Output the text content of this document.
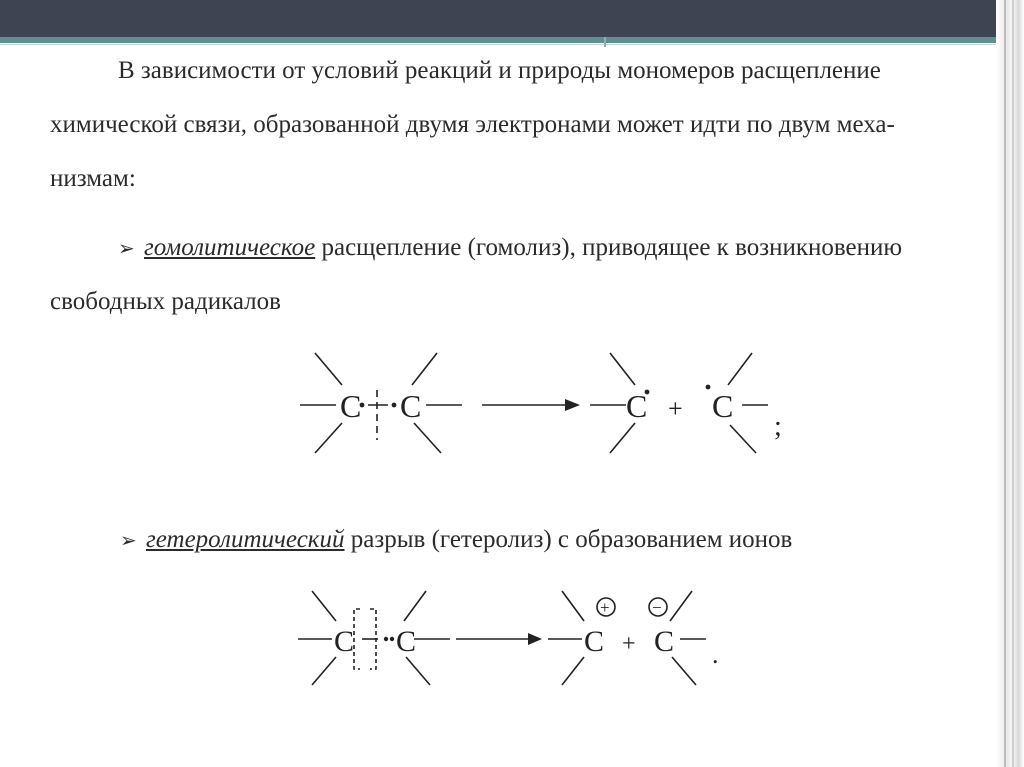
В зависимости от условий реакций и природы мономеров расщепление
химической связи, образованной двумя электронами может идти по двум меха-
низмам:
➢ гомолитическое расщепление (гомолиз), приводящее к возникновению
свободных радикалов
C C	C + C
;
➢ гетеролитический разрыв (гетеролиз) с образованием ионов
C C	C
+
+ C
−
.
